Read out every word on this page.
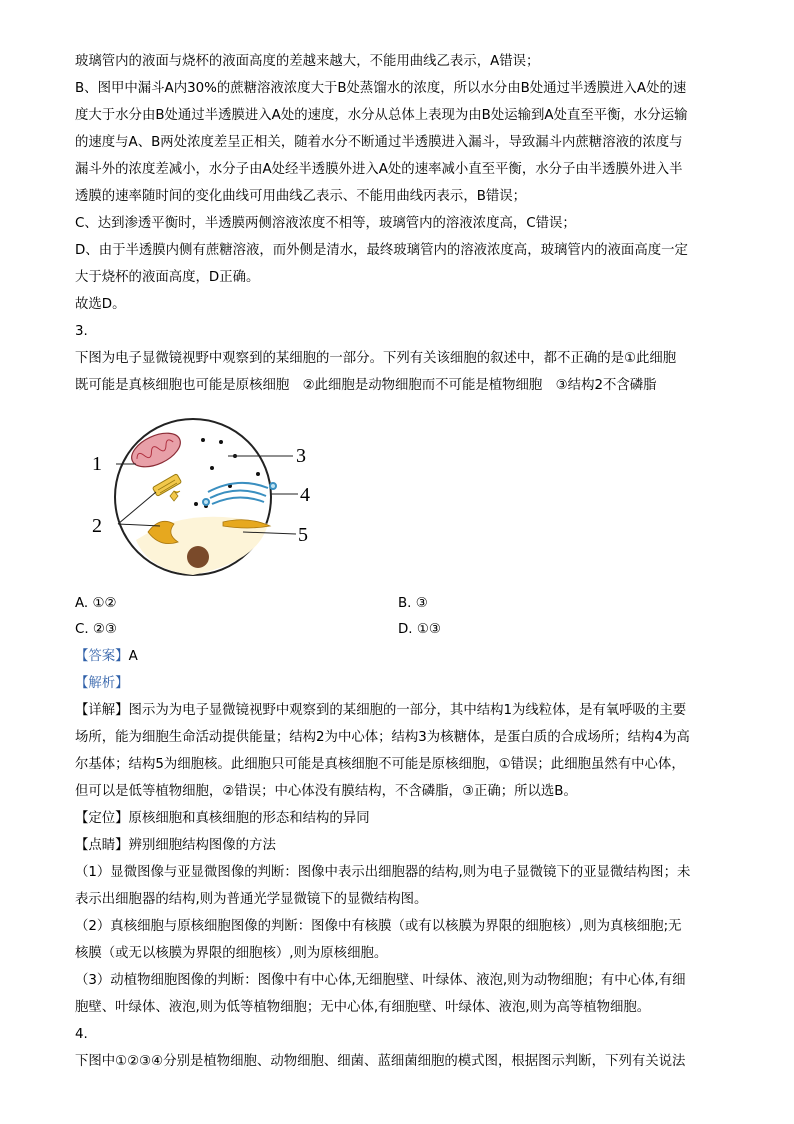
玻璃管内的液面与烧杯的液面高度的差越来越大，不能用曲线乙表示，A错误；
B、图甲中漏斗A内30%的蔗糖溶液浓度大于B处蒸馏水的浓度，所以水分由B处通过半透膜进入A处的速
度大于水分由B处通过半透膜进入A处的速度，水分从总体上表现为由B处运输到A处直至平衡，水分运输
的速度与A、B两处浓度差呈正相关，随着水分不断通过半透膜进入漏斗，导致漏斗内蔗糖溶液的浓度与
漏斗外的浓度差减小，水分子由A处经半透膜外进入A处的速率减小直至平衡，水分子由半透膜外进入半
透膜的速率随时间的变化曲线可用曲线乙表示、不能用曲线丙表示，B错误；
C、达到渗透平衡时，半透膜两侧溶液浓度不相等，玻璃管内的溶液浓度高，C错误；
D、由于半透膜内侧有蔗糖溶液，而外侧是清水，最终玻璃管内的溶液浓度高，玻璃管内的液面高度一定
大于烧杯的液面高度，D正确。
故选D。
3.
下图为电子显微镜视野中观察到的某细胞的一部分。下列有关该细胞的叙述中，都不正确的是①此细胞
既可能是真核细胞也可能是原核细胞　②此细胞是动物细胞而不可能是植物细胞　③结构2不含磷脂
1
2
3
4
5
A. ①②	B. ③
C. ②③	D. ①③
【答案】A
【解析】
【详解】图示为为电子显微镜视野中观察到的某细胞的一部分，其中结构1为线粒体，是有氧呼吸的主要
场所，能为细胞生命活动提供能量；结构2为中心体；结构3为核糖体，是蛋白质的合成场所；结构4为高
尔基体；结构5为细胞核。此细胞只可能是真核细胞不可能是原核细胞，①错误；此细胞虽然有中心体，
但可以是低等植物细胞，②错误；中心体没有膜结构，不含磷脂，③正确；所以选B。
【定位】原核细胞和真核细胞的形态和结构的异同
【点睛】辨别细胞结构图像的方法
（1）显微图像与亚显微图像的判断：图像中表示出细胞器的结构,则为电子显微镜下的亚显微结构图；未
表示出细胞器的结构,则为普通光学显微镜下的显微结构图。
（2）真核细胞与原核细胞图像的判断：图像中有核膜（或有以核膜为界限的细胞核）,则为真核细胞;无
核膜（或无以核膜为界限的细胞核）,则为原核细胞。
（3）动植物细胞图像的判断：图像中有中心体,无细胞壁、叶绿体、液泡,则为动物细胞；有中心体,有细
胞壁、叶绿体、液泡,则为低等植物细胞；无中心体,有细胞壁、叶绿体、液泡,则为高等植物细胞。
4.
下图中①②③④分别是植物细胞、动物细胞、细菌、蓝细菌细胞的模式图，根据图示判断，下列有关说法
